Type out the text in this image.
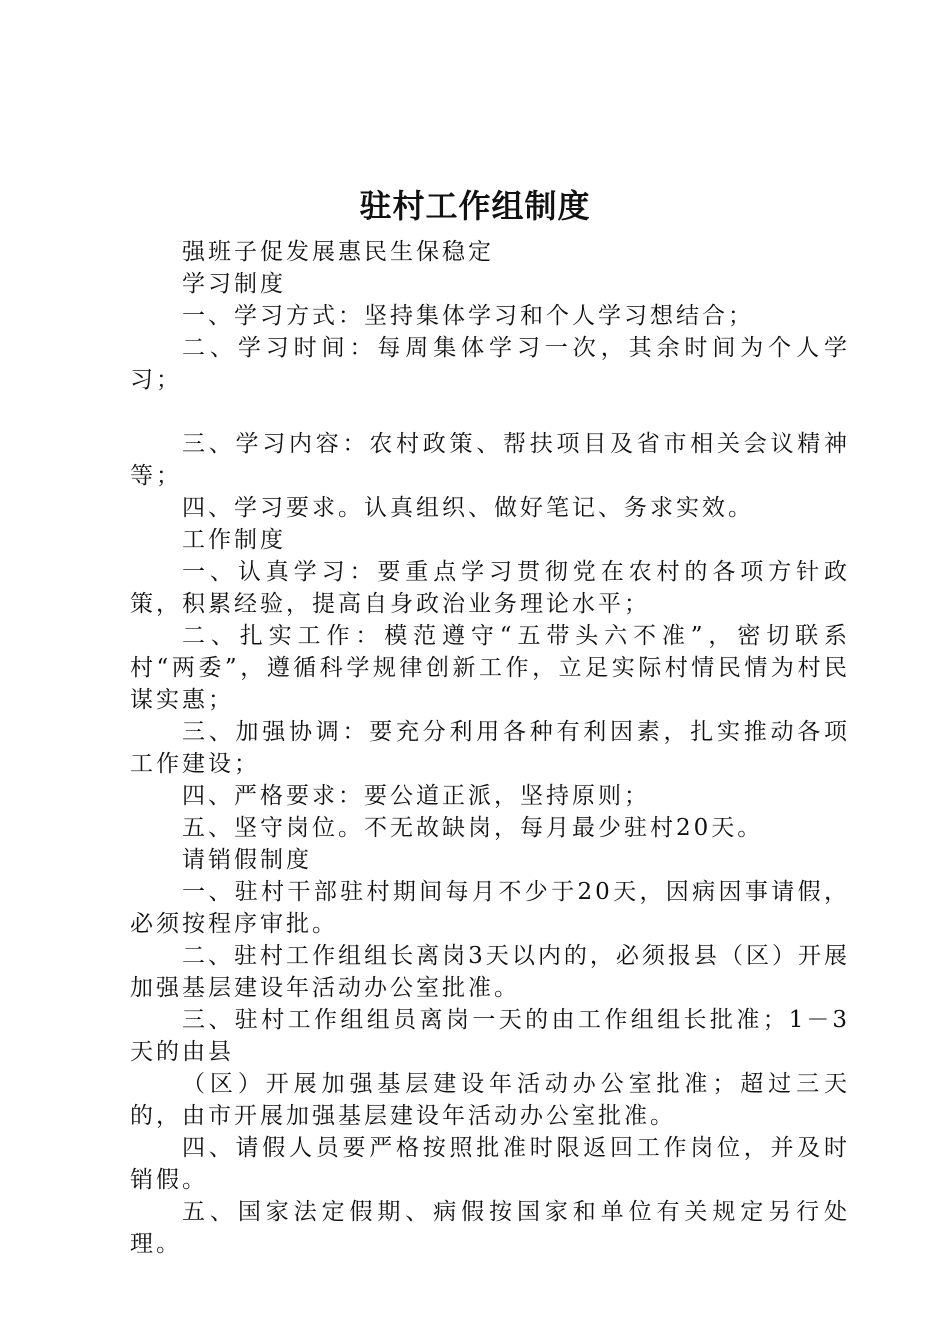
驻村工作组制度

强班子促发展惠民生保稳定

学习制度

一、学习方式：坚持集体学习和个人学习想结合；

二、学习时间：每周集体学习一次，其余时间为个人学习；

三、学习内容：农村政策、帮扶项目及省市相关会议精神等；

四、学习要求。认真组织、做好笔记、务求实效。

工作制度

一、认真学习：要重点学习贯彻党在农村的各项方针政策，积累经验，提高自身政治业务理论水平；

二、扎实工作：模范遵守“五带头六不准”，密切联系村“两委”，遵循科学规律创新工作，立足实际村情民情为村民谋实惠；

三、加强协调：要充分利用各种有利因素，扎实推动各项工作建设；

四、严格要求：要公道正派，坚持原则；

五、坚守岗位。不无故缺岗，每月最少驻村20天。

请销假制度

一、驻村干部驻村期间每月不少于20天，因病因事请假，必须按程序审批。

二、驻村工作组组长离岗3天以内的，必须报县（区）开展加强基层建设年活动办公室批准。

三、驻村工作组组员离岗一天的由工作组组长批准；1－3天的由县

（区）开展加强基层建设年活动办公室批准；超过三天的，由市开展加强基层建设年活动办公室批准。

四、请假人员要严格按照批准时限返回工作岗位，并及时销假。

五、国家法定假期、病假按国家和单位有关规定另行处理。
